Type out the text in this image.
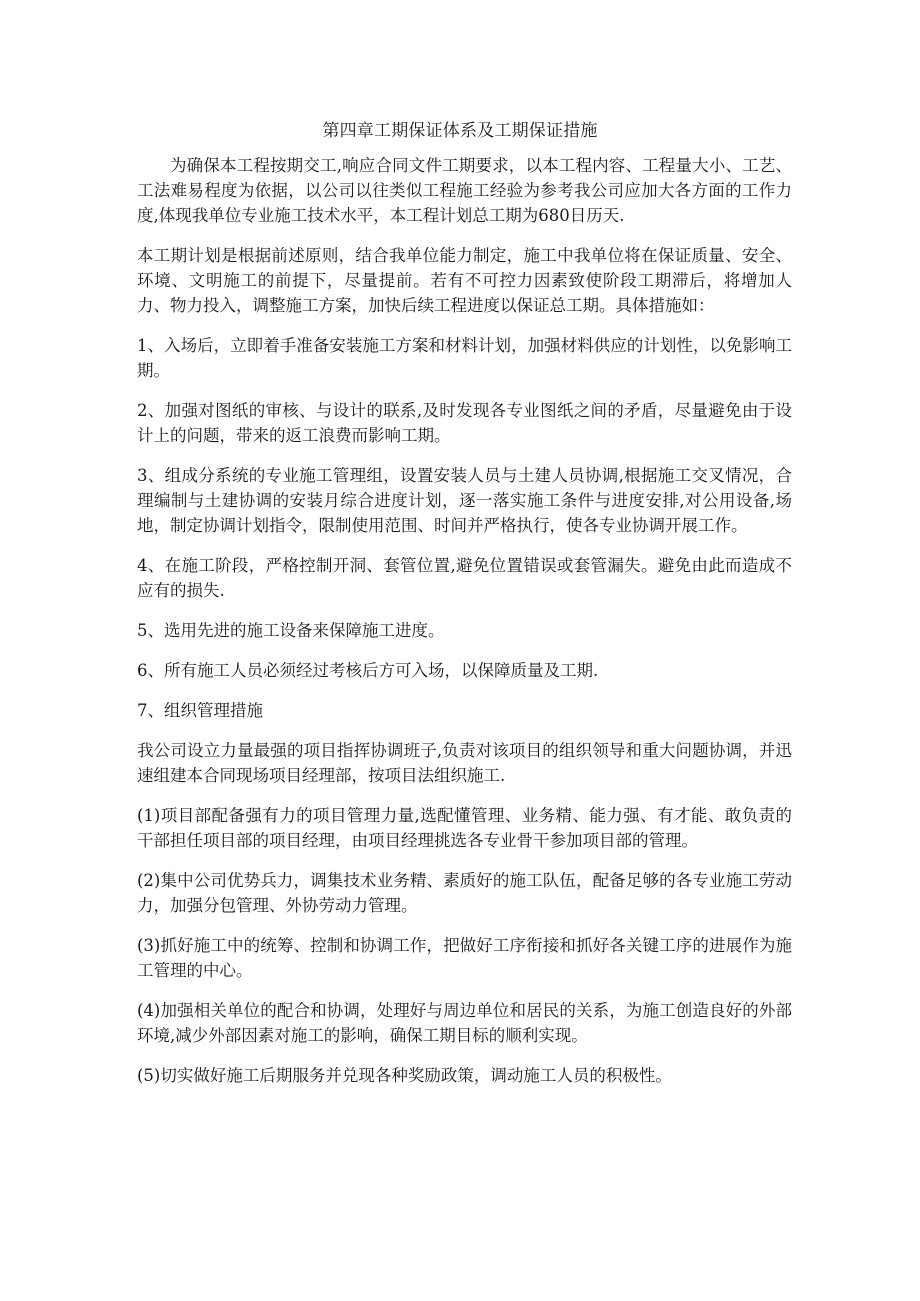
第四章工期保证体系及工期保证措施

为确保本工程按期交工,响应合同文件工期要求，以本工程内容、工程量大小、工艺、工法难易程度为依据，以公司以往类似工程施工经验为参考我公司应加大各方面的工作力度,体现我单位专业施工技术水平，本工程计划总工期为680日历天.

本工期计划是根据前述原则，结合我单位能力制定，施工中我单位将在保证质量、安全、环境、文明施工的前提下，尽量提前。若有不可控力因素致使阶段工期滞后，将增加人力、物力投入，调整施工方案，加快后续工程进度以保证总工期。具体措施如：

1、入场后，立即着手准备安装施工方案和材料计划，加强材料供应的计划性，以免影响工期。

2、加强对图纸的审核、与设计的联系,及时发现各专业图纸之间的矛盾，尽量避免由于设计上的问题，带来的返工浪费而影响工期。

3、组成分系统的专业施工管理组，设置安装人员与土建人员协调,根据施工交叉情况，合理编制与土建协调的安装月综合进度计划，逐一落实施工条件与进度安排,对公用设备,场地，制定协调计划指令，限制使用范围、时间并严格执行，使各专业协调开展工作。

4、在施工阶段，严格控制开洞、套管位置,避免位置错误或套管漏失。避免由此而造成不应有的损失.

5、选用先进的施工设备来保障施工进度。

6、所有施工人员必须经过考核后方可入场，以保障质量及工期.

7、组织管理措施

我公司设立力量最强的项目指挥协调班子,负责对该项目的组织领导和重大问题协调，并迅速组建本合同现场项目经理部，按项目法组织施工.

(1)项目部配备强有力的项目管理力量,选配懂管理、业务精、能力强、有才能、敢负责的干部担任项目部的项目经理，由项目经理挑选各专业骨干参加项目部的管理。

(2)集中公司优势兵力，调集技术业务精、素质好的施工队伍，配备足够的各专业施工劳动力，加强分包管理、外协劳动力管理。

(3)抓好施工中的统筹、控制和协调工作，把做好工序衔接和抓好各关键工序的进展作为施工管理的中心。

(4)加强相关单位的配合和协调，处理好与周边单位和居民的关系，为施工创造良好的外部环境,减少外部因素对施工的影响，确保工期目标的顺利实现。

(5)切实做好施工后期服务并兑现各种奖励政策，调动施工人员的积极性。
